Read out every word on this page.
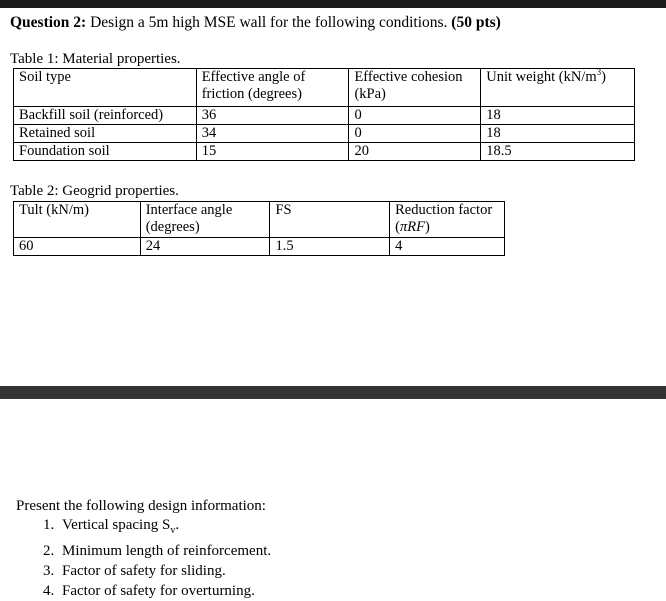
Question 2: Design a 5m high MSE wall for the following conditions. (50 pts)
Table 1: Material properties.
Soil type	Effective angle of friction (degrees)	Effective cohesion (kPa)	Unit weight $(kN/m^3)$
Backfill soil (reinforced)	36	0	18
Retained soil	34	0	18
Foundation soil	15	20	18.5
Table 2: Geogrid properties.
Tult (kN/m)	Interface angle (degrees)	FS	Reduction factor (πRF)
60	24	1.5	4
Present the following design information:
1. Vertical spacing $S_v$.
2. Minimum length of reinforcement.
3. Factor of safety for sliding.
4. Factor of safety for overturning.
